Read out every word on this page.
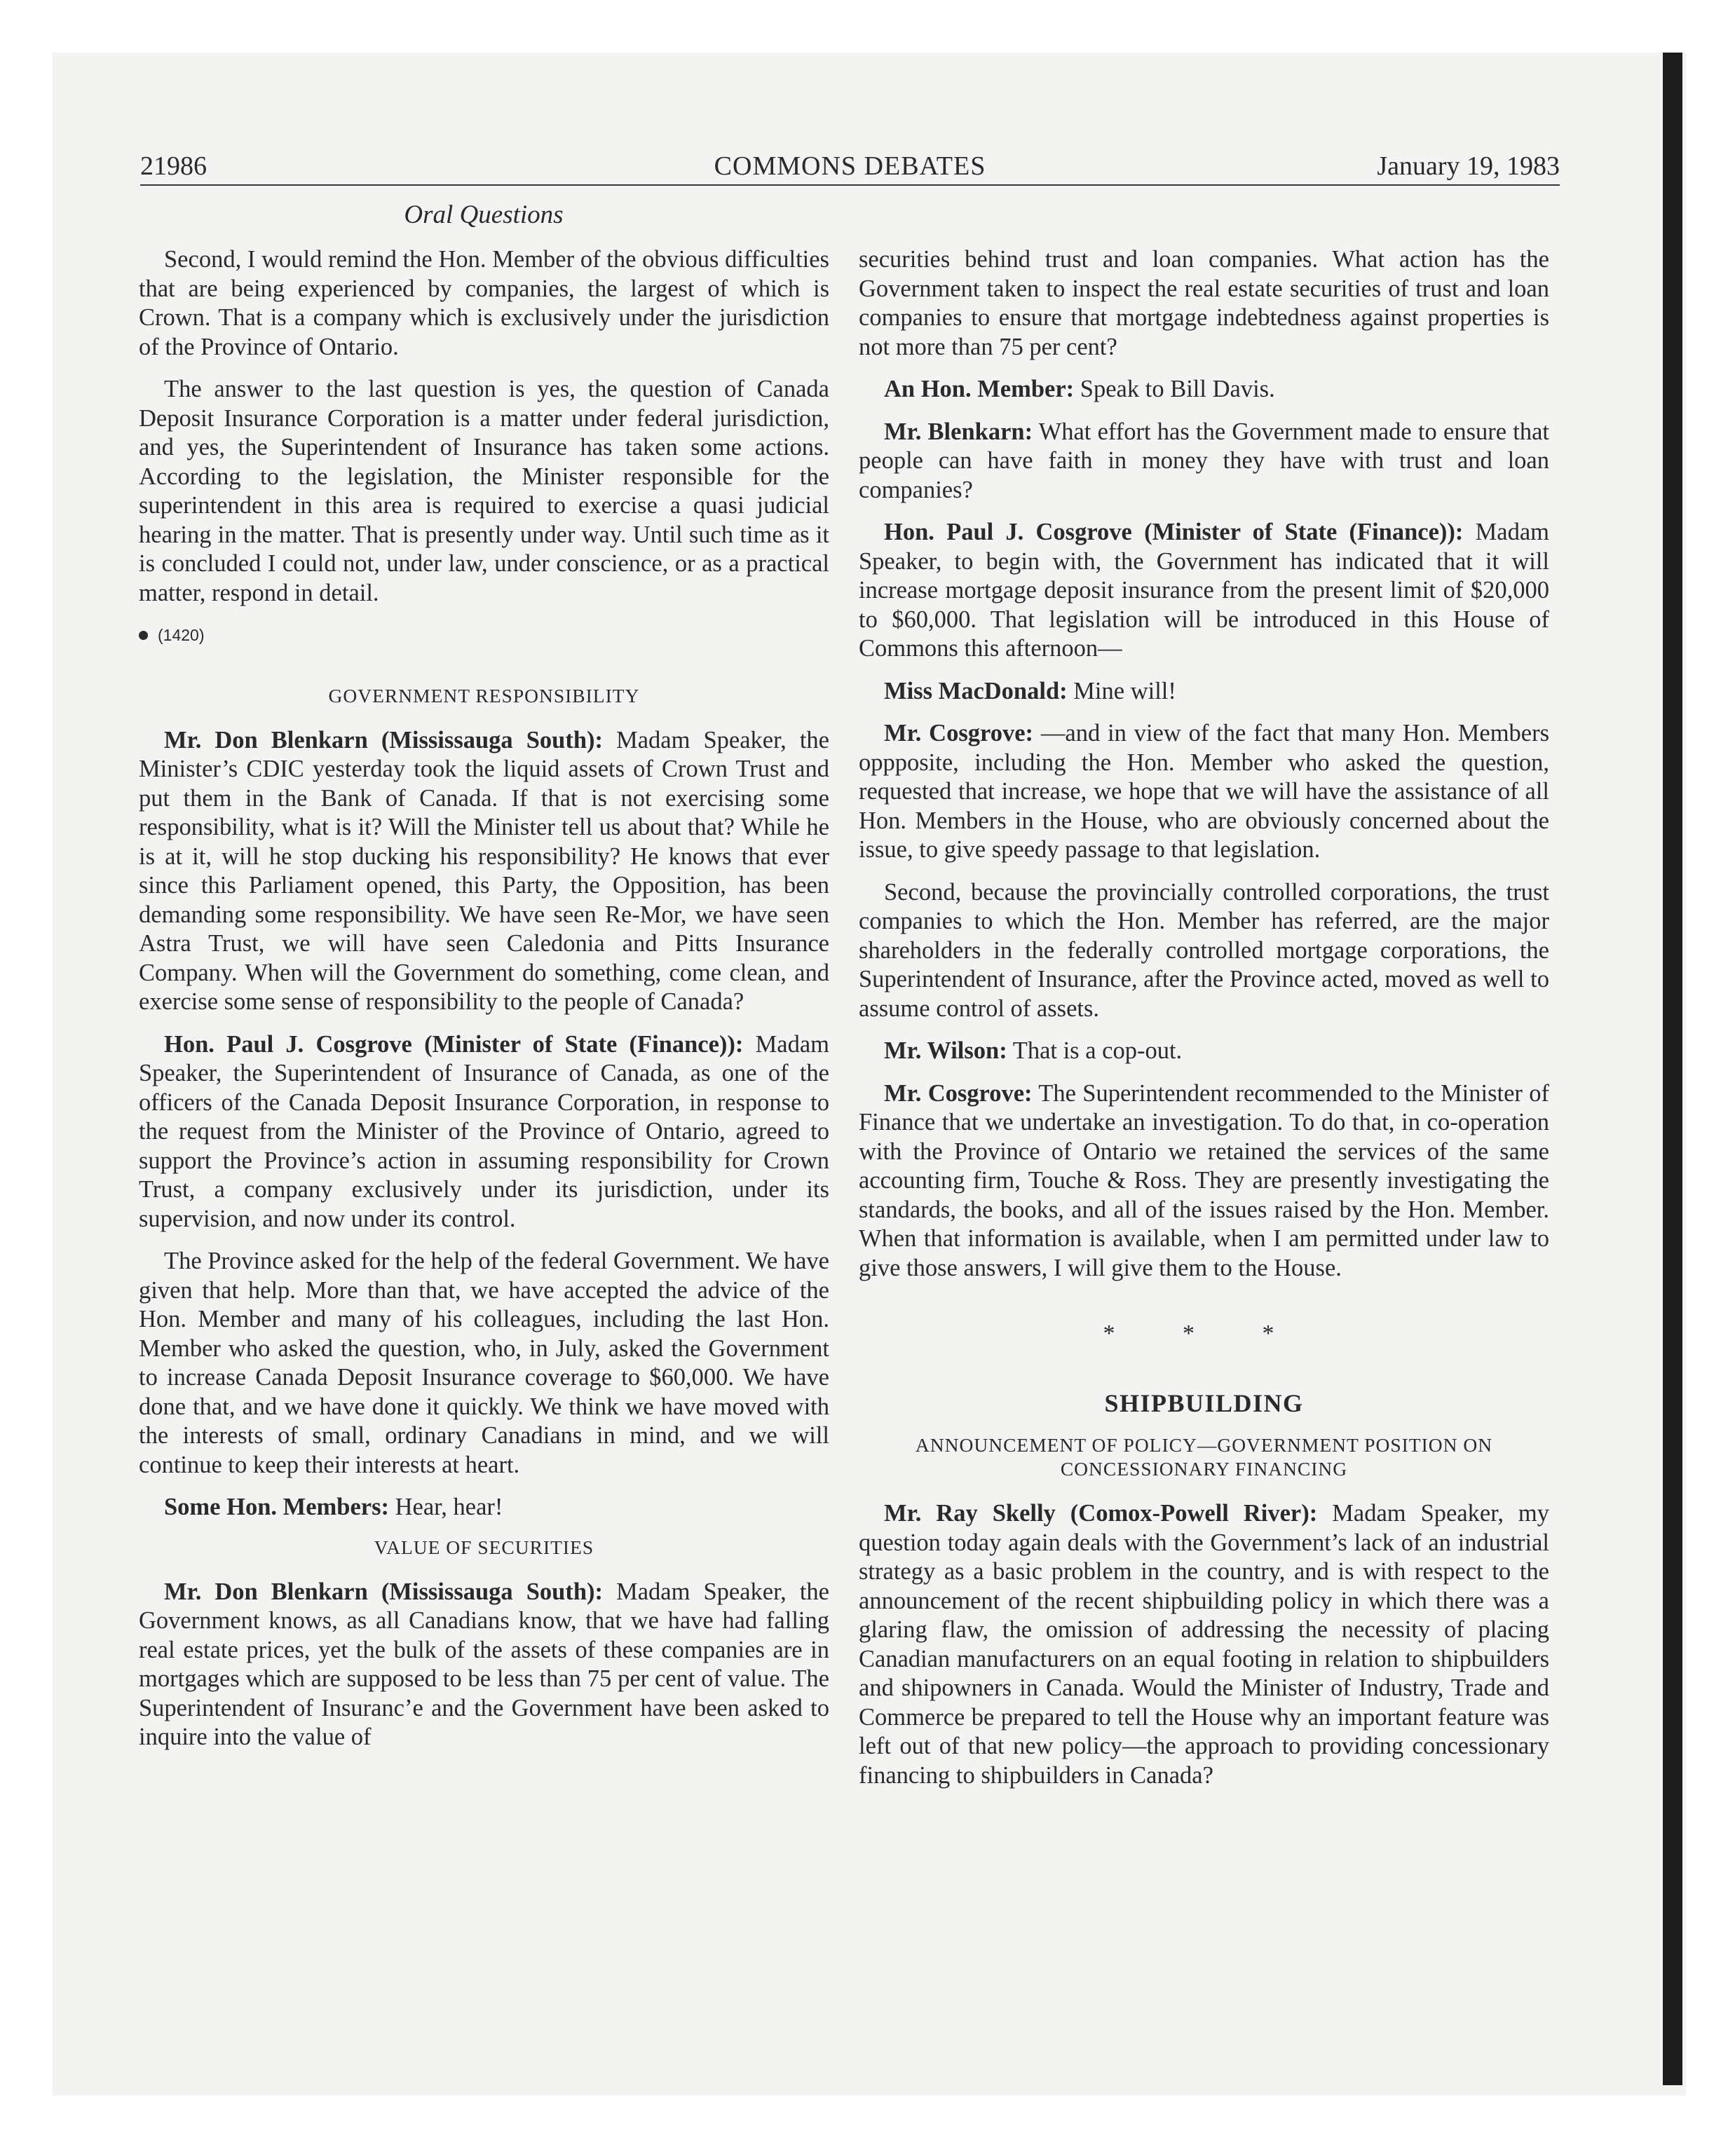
21986	COMMONS DEBATES	January 19, 1983
Oral Questions

Second, I would remind the Hon. Member of the obvious difficulties that are being experienced by companies, the largest of which is Crown. That is a company which is exclusively under the jurisdiction of the Province of Ontario.

The answer to the last question is yes, the question of Canada Deposit Insurance Corporation is a matter under federal jurisdiction, and yes, the Superintendent of Insurance has taken some actions. According to the legislation, the Minister responsible for the superintendent in this area is required to exercise a quasi judicial hearing in the matter. That is presently under way. Until such time as it is concluded I could not, under law, under conscience, or as a practical matter, respond in detail.

(1420)
GOVERNMENT RESPONSIBILITY

Mr. Don Blenkarn (Mississauga South): Madam Speaker, the Minister’s CDIC yesterday took the liquid assets of Crown Trust and put them in the Bank of Canada. If that is not exercising some responsibility, what is it? Will the Minister tell us about that? While he is at it, will he stop ducking his responsibility? He knows that ever since this Parliament opened, this Party, the Opposition, has been demanding some responsibility. We have seen Re-Mor, we have seen Astra Trust, we will have seen Caledonia and Pitts Insurance Company. When will the Government do something, come clean, and exercise some sense of responsibility to the people of Canada?

Hon. Paul J. Cosgrove (Minister of State (Finance)): Madam Speaker, the Superintendent of Insurance of Canada, as one of the officers of the Canada Deposit Insurance Corporation, in response to the request from the Minister of the Province of Ontario, agreed to support the Province’s action in assuming responsibility for Crown Trust, a company exclusively under its jurisdiction, under its supervision, and now under its control.

The Province asked for the help of the federal Government. We have given that help. More than that, we have accepted the advice of the Hon. Member and many of his colleagues, including the last Hon. Member who asked the question, who, in July, asked the Government to increase Canada Deposit Insurance coverage to $60,000. We have done that, and we have done it quickly. We think we have moved with the interests of small, ordinary Canadians in mind, and we will continue to keep their interests at heart.

Some Hon. Members: Hear, hear!

VALUE OF SECURITIES

Mr. Don Blenkarn (Mississauga South): Madam Speaker, the Government knows, as all Canadians know, that we have had falling real estate prices, yet the bulk of the assets of these companies are in mortgages which are supposed to be less than 75 per cent of value. The Superintendent of Insuranc’e and the Government have been asked to inquire into the value of

securities behind trust and loan companies. What action has the Government taken to inspect the real estate securities of trust and loan companies to ensure that mortgage indebtedness against properties is not more than 75 per cent?

An Hon. Member: Speak to Bill Davis.

Mr. Blenkarn: What effort has the Government made to ensure that people can have faith in money they have with trust and loan companies?

Hon. Paul J. Cosgrove (Minister of State (Finance)): Madam Speaker, to begin with, the Government has indicated that it will increase mortgage deposit insurance from the present limit of $20,000 to $60,000. That legislation will be introduced in this House of Commons this afternoon—

Miss MacDonald: Mine will!

Mr. Cosgrove: —and in view of the fact that many Hon. Members oppposite, including the Hon. Member who asked the question, requested that increase, we hope that we will have the assistance of all Hon. Members in the House, who are obviously concerned about the issue, to give speedy passage to that legislation.

Second, because the provincially controlled corporations, the trust companies to which the Hon. Member has referred, are the major shareholders in the federally controlled mortgage corporations, the Superintendent of Insurance, after the Province acted, moved as well to assume control of assets.

Mr. Wilson: That is a cop-out.

Mr. Cosgrove: The Superintendent recommended to the Minister of Finance that we undertake an investigation. To do that, in co-operation with the Province of Ontario we retained the services of the same accounting firm, Touche & Ross. They are presently investigating the standards, the books, and all of the issues raised by the Hon. Member. When that information is available, when I am permitted under law to give those answers, I will give them to the House.

* * *
SHIPBUILDING
ANNOUNCEMENT OF POLICY—GOVERNMENT POSITION ON CONCESSIONARY FINANCING

Mr. Ray Skelly (Comox-Powell River): Madam Speaker, my question today again deals with the Government’s lack of an industrial strategy as a basic problem in the country, and is with respect to the announcement of the recent shipbuilding policy in which there was a glaring flaw, the omission of addressing the necessity of placing Canadian manufacturers on an equal footing in relation to shipbuilders and shipowners in Canada. Would the Minister of Industry, Trade and Commerce be prepared to tell the House why an important feature was left out of that new policy—the approach to providing concessionary financing to shipbuilders in Canada?
